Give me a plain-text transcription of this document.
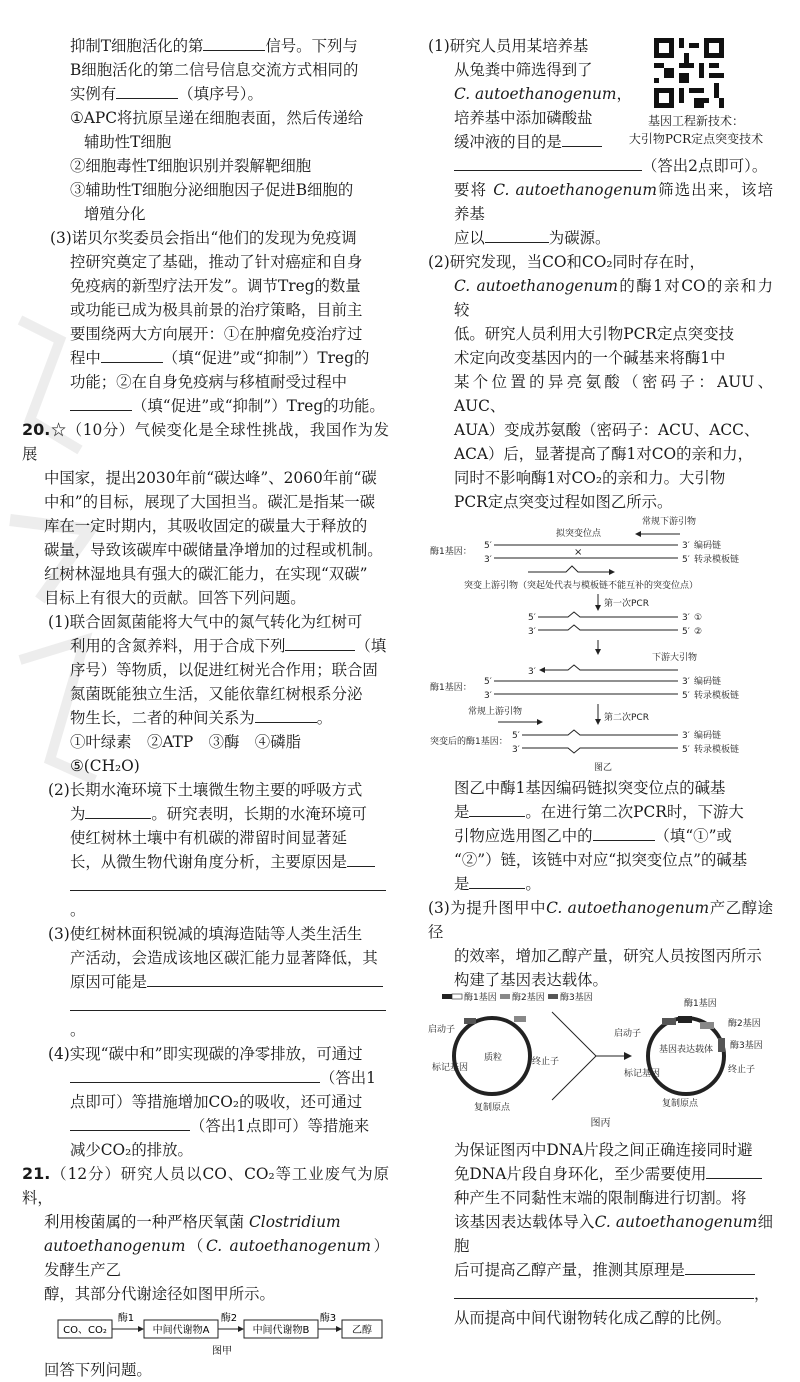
抑制T细胞活化的第	信号。下列与

B细胞活化的第二信号信息交流方式相同的

实例有	（填序号）。

①APC将抗原呈递在细胞表面，然后传递给

辅助性T细胞

②细胞毒性T细胞识别并裂解靶细胞

③辅助性T细胞分泌细胞因子促进B细胞的

增殖分化

(3)诺贝尔奖委员会指出“他们的发现为免疫调

控研究奠定了基础，推动了针对癌症和自身

免疫病的新型疗法开发”。调节Treg的数量

或功能已成为极具前景的治疗策略，目前主

要围绕两大方向展开：①在肿瘤免疫治疗过

程中	（填“促进”或“抑制”）Treg的

功能；②在自身免疫病与移植耐受过程中

（填“促进”或“抑制”）Treg的功能。

20.☆（10分）气候变化是全球性挑战，我国作为发展

中国家，提出2030年前“碳达峰”、2060年前“碳

中和”的目标，展现了大国担当。碳汇是指某一碳

库在一定时期内，其吸收固定的碳量大于释放的

碳量，导致该碳库中碳储量净增加的过程或机制。

红树林湿地具有强大的碳汇能力，在实现“双碳”

目标上有很大的贡献。回答下列问题。

(1)联合固氮菌能将大气中的氮气转化为红树可

利用的含氮养料，用于合成下列	（填

序号）等物质，以促进红树光合作用；联合固

氮菌既能独立生活，又能依靠红树根系分泌

物生长，二者的种间关系为	。

①叶绿素　②ATP　③酶　④磷脂

⑤(CH₂O)

(2)长期水淹环境下土壤微生物主要的呼吸方式

为	。研究表明，长期的水淹环境可

使红树林土壤中有机碳的滞留时间显著延

长，从微生物代谢角度分析，主要原因是

。

(3)使红树林面积锐减的填海造陆等人类生活生

产活动，会造成该地区碳汇能力显著降低，其

原因可能是

。

(4)实现“碳中和”即实现碳的净零排放，可通过

（答出1

点即可）等措施增加CO₂的吸收，还可通过

（答出1点即可）等措施来

减少CO₂的排放。

21.（12分）研究人员以CO、CO₂等工业废气为原料，

利用梭菌属的一种严格厌氧菌 Clostridium

autoethanogenum（C. autoethanogenum）发酵生产乙

醇，其部分代谢途径如图甲所示。

CO、CO₂
酶1
中间代谢物A
酶2
中间代谢物B
酶3
乙醇
图甲

回答下列问题。

基因工程新技术：
大引物PCR定点突变技术

(1)研究人员用某培养基

从兔粪中筛选得到了

C. autoethanogenum，

培养基中添加磷酸盐

缓冲液的目的是

（答出2点即可）。

要将 C. autoethanogenum筛选出来，该培养基

应以	为碳源。

(2)研究发现，当CO和CO₂同时存在时，

C. autoethanogenum的酶1对CO的亲和力较

低。研究人员利用大引物PCR定点突变技

术定向改变基因内的一个碱基来将酶1中

某个位置的异亮氨酸（密码子：AUU、AUC、

AUA）变成苏氨酸（密码子：ACU、ACC、

ACA）后，显著提高了酶1对CO的亲和力，

同时不影响酶1对CO₂的亲和力。大引物

PCR定点突变过程如图乙所示。

常规下游引物
拟突变位点
酶1基因：
5′
3′
×
3′
5′
编码链
转录模板链
突变上游引物（突起处代表与模板链不能互补的突变位点）
第一次PCR
5′	3′ ①
3′	5′ ②
下游大引物
3′
酶1基因：
5′
3′
3′
5′
编码链
转录模板链
常规上游引物
第二次PCR
突变后的酶1基因：
5′
3′
3′
5′
编码链
转录模板链
图乙

图乙中酶1基因编码链拟突变位点的碱基

是	。在进行第二次PCR时，下游大

引物应选用图乙中的	（填“①”或

“②”）链，该链中对应“拟突变位点”的碱基

是	。

(3)为提升图甲中C. autoethanogenum产乙醇途径

的效率，增加乙醇产量，研究人员按图丙所示

构建了基因表达载体。

酶1基因 酶2基因 酶3基因
质粒
启动子
标记基因
终止子
复制原点
基因表达载体
启动子
酶1基因
酶2基因
酶3基因
标记基因	终止子
复制原点
图丙

为保证图丙中DNA片段之间正确连接同时避

免DNA片段自身环化，至少需要使用

种产生不同黏性末端的限制酶进行切割。将

该基因表达载体导入C. autoethanogenum细胞

后可提高乙醇产量，推测其原理是

，

从而提高中间代谢物转化成乙醇的比例。
